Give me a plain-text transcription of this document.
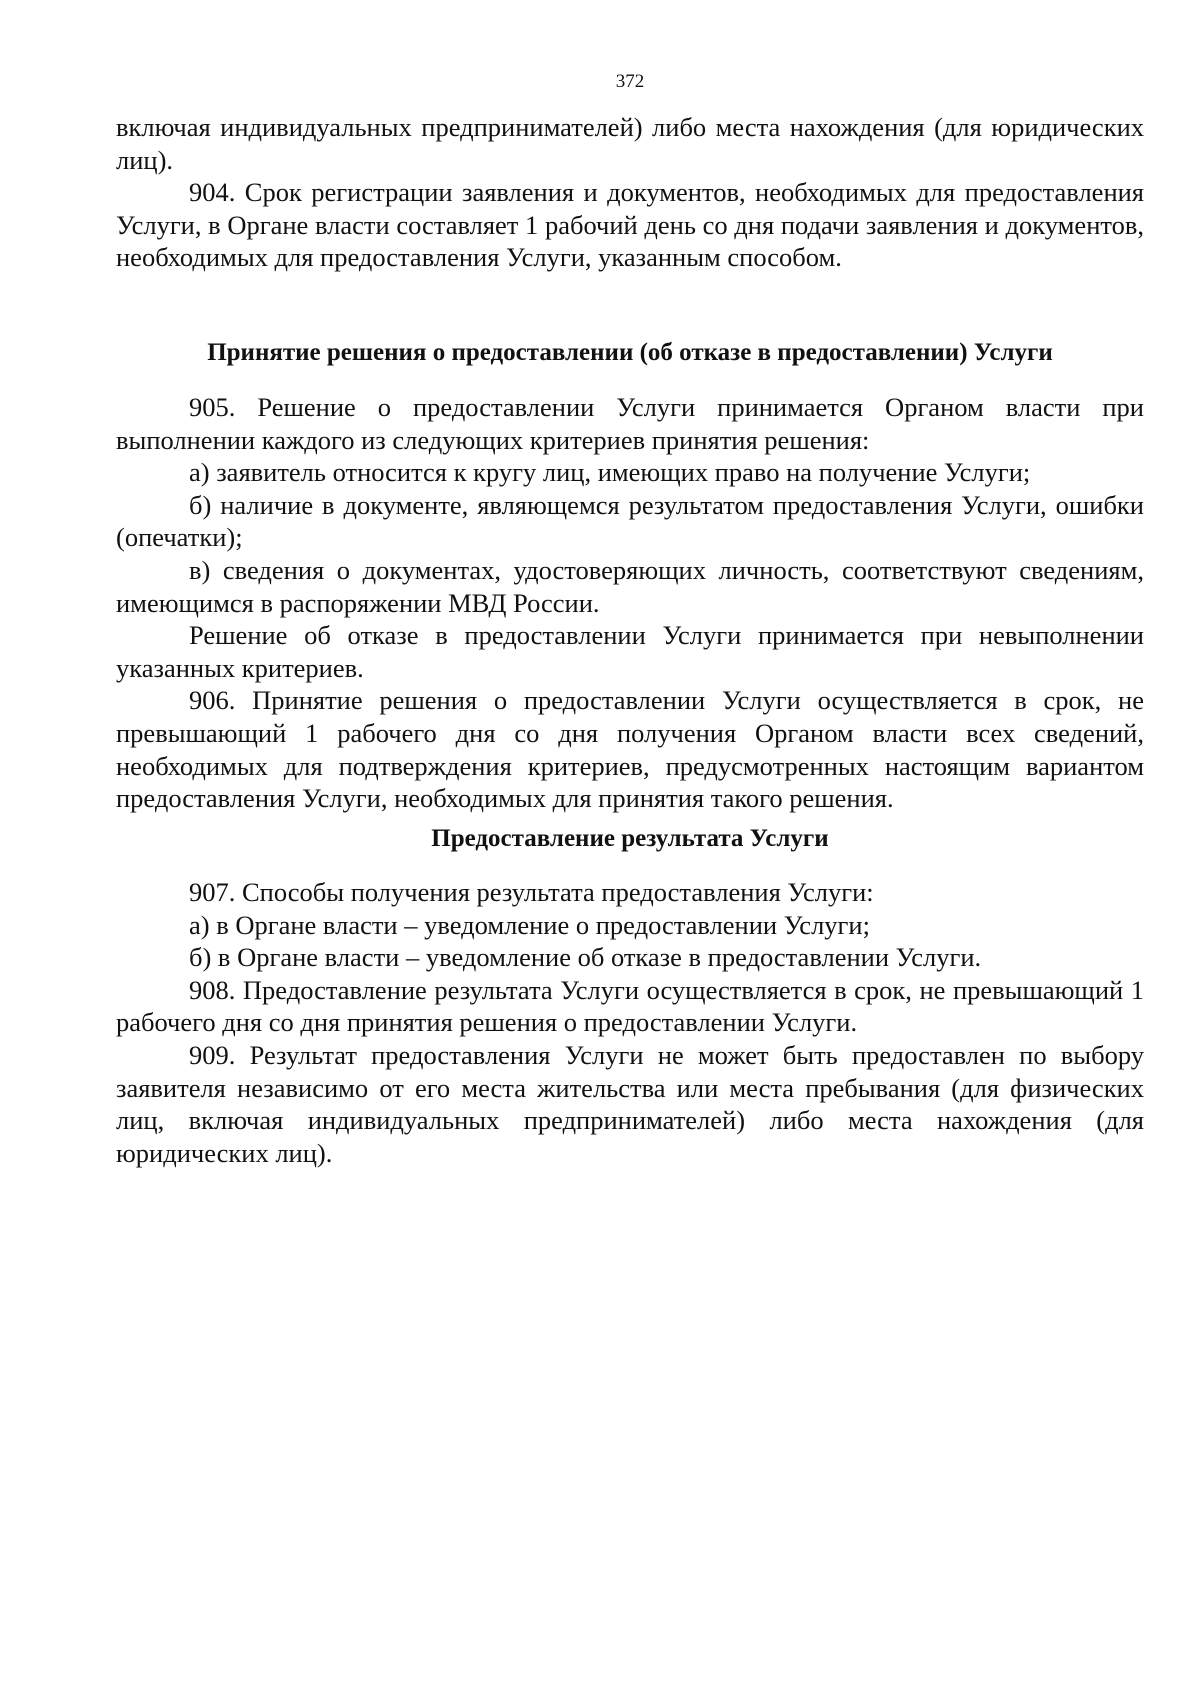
372

включая индивидуальных предпринимателей) либо места нахождения (для юридических лиц).

904. Срок регистрации заявления и документов, необходимых для предоставления Услуги, в Органе власти составляет 1 рабочий день со дня подачи заявления и документов, необходимых для предоставления Услуги, указанным способом.

Принятие решения о предоставлении (об отказе в предоставлении) Услуги

905. Решение о предоставлении Услуги принимается Органом власти при выполнении каждого из следующих критериев принятия решения:

а) заявитель относится к кругу лиц, имеющих право на получение Услуги;

б) наличие в документе, являющемся результатом предоставления Услуги, ошибки (опечатки);

в) сведения о документах, удостоверяющих личность, соответствуют сведениям, имеющимся в распоряжении МВД России.

Решение об отказе в предоставлении Услуги принимается при невыполнении указанных критериев.

906. Принятие решения о предоставлении Услуги осуществляется в срок, не превышающий 1 рабочего дня со дня получения Органом власти всех сведений, необходимых для подтверждения критериев, предусмотренных настоящим вариантом предоставления Услуги, необходимых для принятия такого решения.

Предоставление результата Услуги

907. Способы получения результата предоставления Услуги:

а) в Органе власти – уведомление о предоставлении Услуги;

б) в Органе власти – уведомление об отказе в предоставлении Услуги.

908. Предоставление результата Услуги осуществляется в срок, не превышающий 1 рабочего дня со дня принятия решения о предоставлении Услуги.

909. Результат предоставления Услуги не может быть предоставлен по выбору заявителя независимо от его места жительства или места пребывания (для физических лиц, включая индивидуальных предпринимателей) либо места нахождения (для юридических лиц).
